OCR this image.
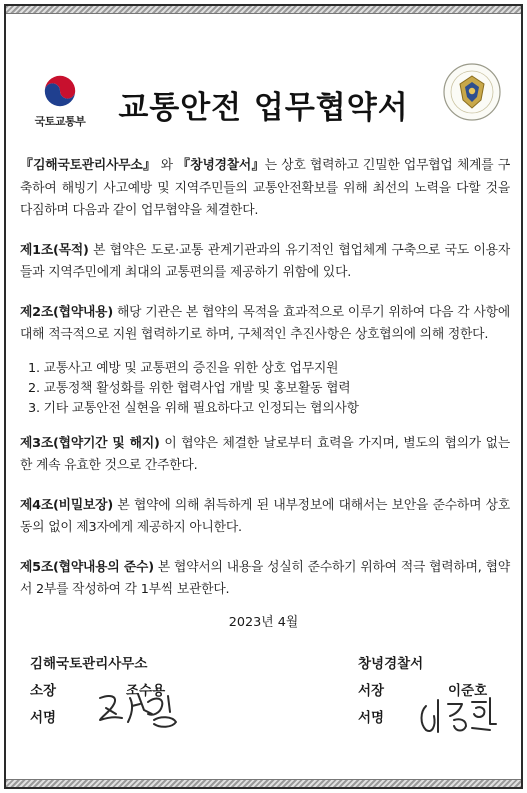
국토교통부	교통안전 업무협약서
『김해국토관리사무소』 와 『창녕경찰서』는 상호 협력하고 긴밀한 업무협업 체계를 구축하여 해빙기 사고예방 및 지역주민들의 교통안전확보를 위해 최선의 노력을 다할 것을 다짐하며 다음과 같이 업무협약을 체결한다.
제1조(목적) 본 협약은 도로·교통 관계기관과의 유기적인 협업체계 구축으로 국도 이용자들과 지역주민에게 최대의 교통편의를 제공하기 위함에 있다.
제2조(협약내용) 해당 기관은 본 협약의 목적을 효과적으로 이루기 위하여 다음 각 사항에 대해 적극적으로 지원 협력하기로 하며, 구체적인 추진사항은 상호협의에 의해 정한다.
1. 교통사고 예방 및 교통편의 증진을 위한 상호 업무지원
2. 교통정책 활성화를 위한 협력사업 개발 및 홍보활동 협력
3. 기타 교통안전 실현을 위해 필요하다고 인정되는 협의사항
제3조(협약기간 및 해지) 이 협약은 체결한 날로부터 효력을 가지며, 별도의 협의가 없는 한 계속 유효한 것으로 간주한다.
제4조(비밀보장) 본 협약에 의해 취득하게 된 내부정보에 대해서는 보안을 준수하며 상호 동의 없이 제3자에게 제공하지 아니한다.
제5조(협약내용의 준수) 본 협약서의 내용을 성실히 준수하기 위하여 적극 협력하며, 협약서 2부를 작성하여 각 1부씩 보관한다.
2023년 4월
김해국토관리사무소
소장	조수용
서명
창녕경찰서
서장	이준호
서명
